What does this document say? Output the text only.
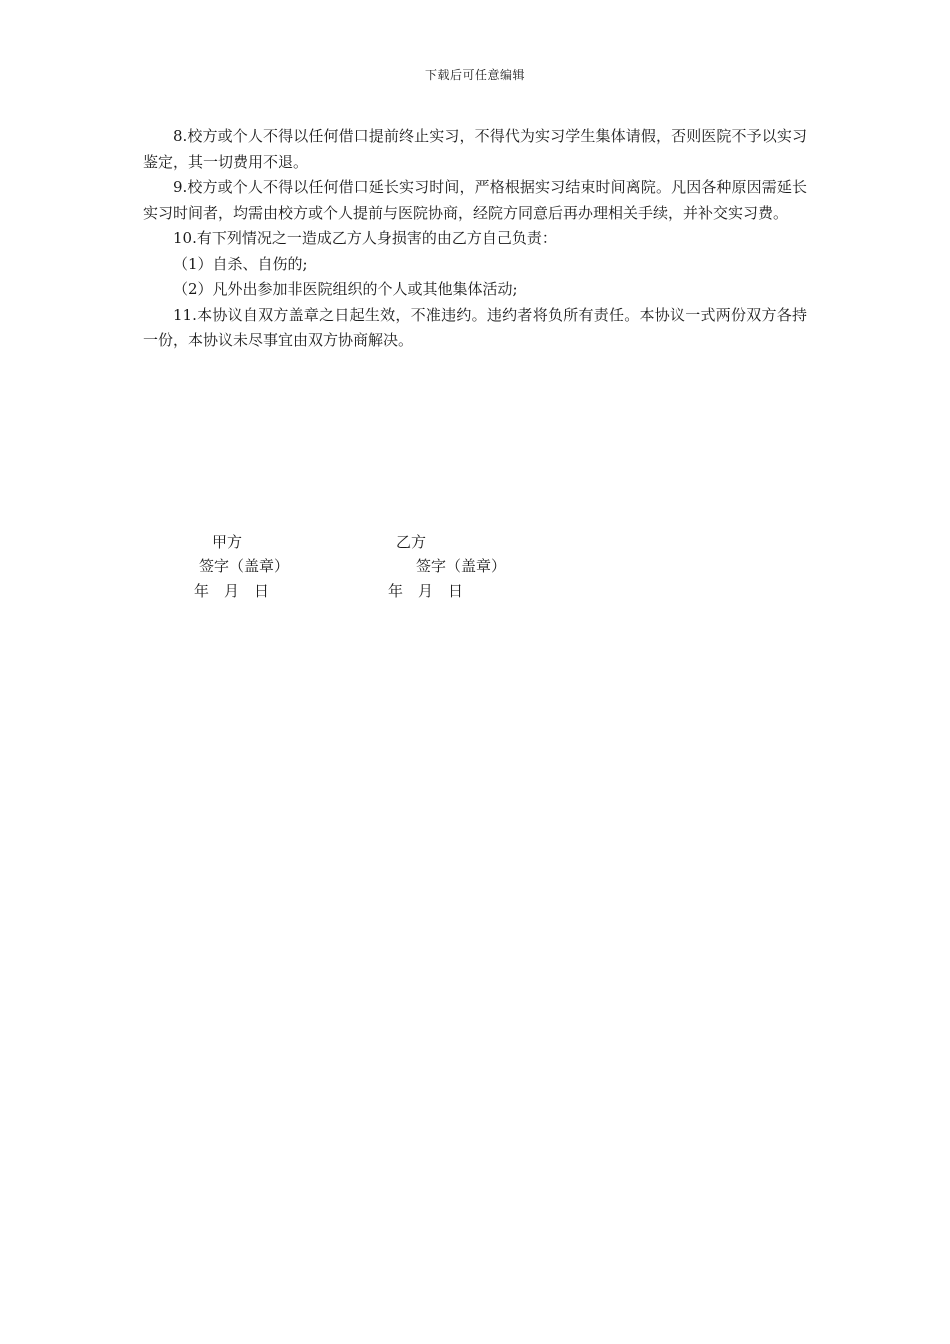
下载后可任意编辑

8.校方或个人不得以任何借口提前终止实习，不得代为实习学生集体请假，否则医院不予以实习鉴定，其一切费用不退。

9.校方或个人不得以任何借口延长实习时间，严格根据实习结束时间离院。凡因各种原因需延长实习时间者，均需由校方或个人提前与医院协商，经院方同意后再办理相关手续，并补交实习费。

10.有下列情况之一造成乙方人身损害的由乙方自己负责：

（1）自杀、自伤的;

（2）凡外出参加非医院组织的个人或其他集体活动;

11.本协议自双方盖章之日起生效，不准违约。违约者将负所有责任。本协议一式两份双方各持一份，本协议未尽事宜由双方协商解决。

甲方
签字（盖章）
年　月　日
乙方
签字（盖章）
年　月　日
